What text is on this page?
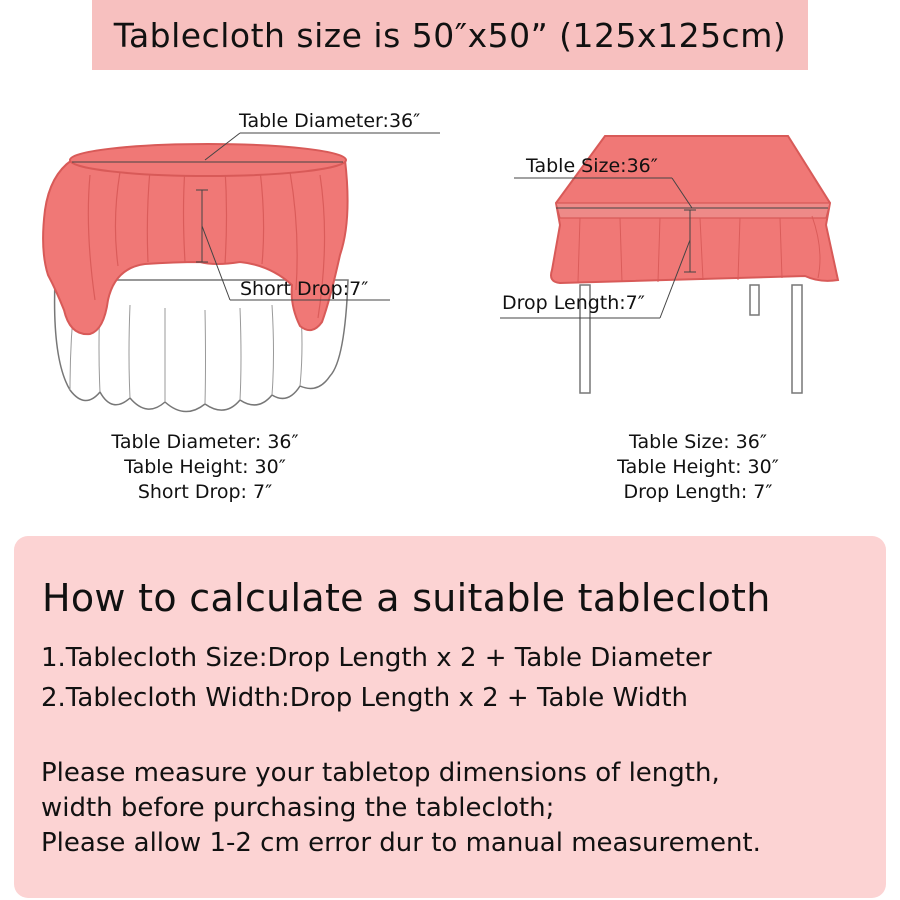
Tablecloth size is 50″x50” (125x125cm)
Table Diameter:36″
Short Drop:7″
Table Size:36″
Drop Length:7″
Table Diameter: 36″
Table Height: 30″
Short Drop: 7″
Table Size: 36″
Table Height: 30″
Drop Length: 7″
How to calculate a suitable tablecloth
1.Tablecloth Size:Drop Length x 2 + Table Diameter
2.Tablecloth Width:Drop Length x 2 + Table Width
Please measure your tabletop dimensions of length,
width before purchasing the tablecloth;
Please allow 1-2 cm error dur to manual measurement.
